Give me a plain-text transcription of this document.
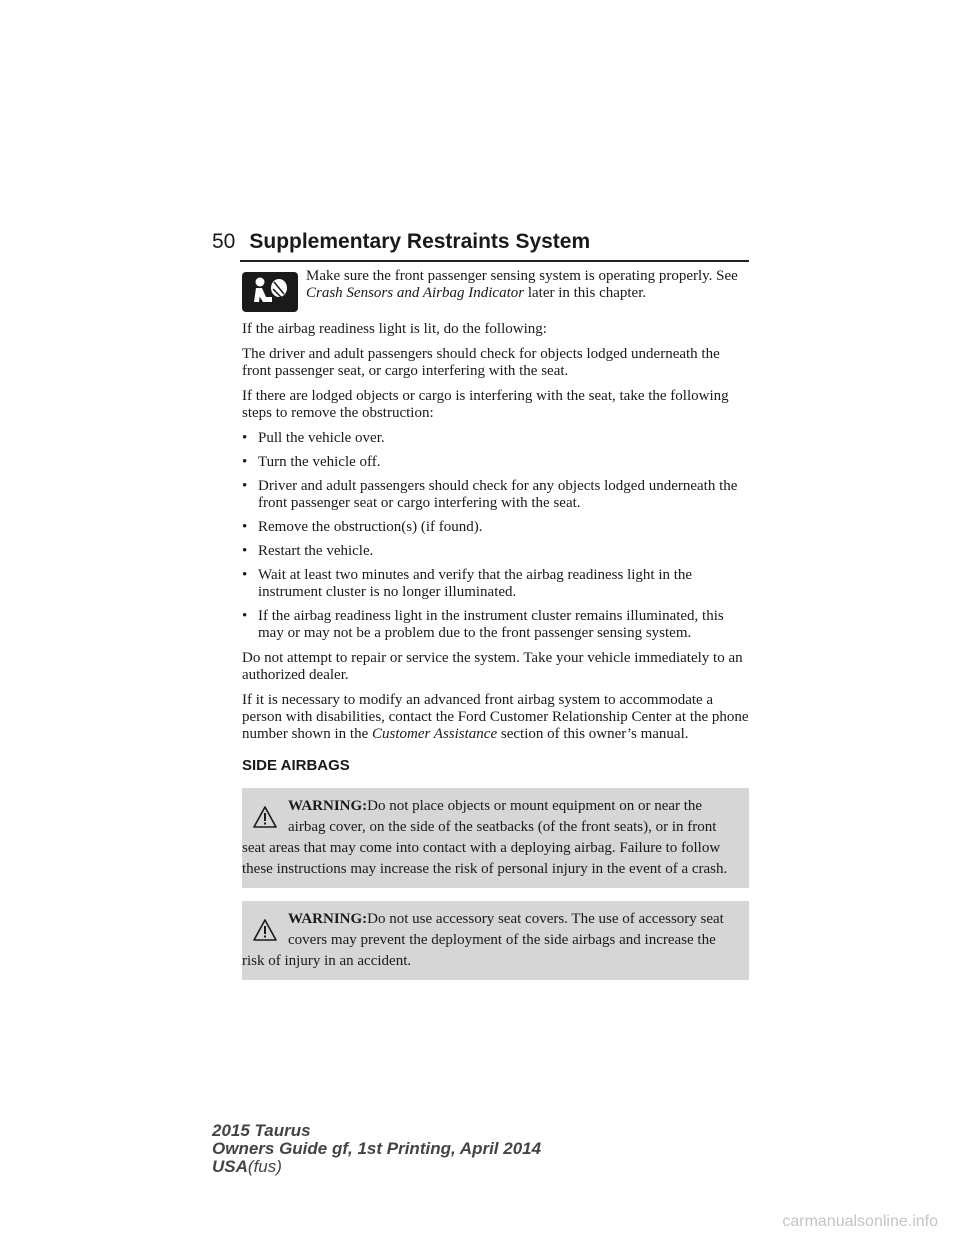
50 Supplementary Restraints System
Make sure the front passenger sensing system is operating properly. See Crash Sensors and Airbag Indicator later in this chapter.

If the airbag readiness light is lit, do the following:

The driver and adult passengers should check for objects lodged underneath the front passenger seat, or cargo interfering with the seat.

If there are lodged objects or cargo is interfering with the seat, take the following steps to remove the obstruction:

• Pull the vehicle over.
• Turn the vehicle off.
• Driver and adult passengers should check for any objects lodged underneath the front passenger seat or cargo interfering with the seat.
• Remove the obstruction(s) (if found).
• Restart the vehicle.
• Wait at least two minutes and verify that the airbag readiness light in the instrument cluster is no longer illuminated.
• If the airbag readiness light in the instrument cluster remains illuminated, this may or may not be a problem due to the front passenger sensing system.

Do not attempt to repair or service the system. Take your vehicle immediately to an authorized dealer.

If it is necessary to modify an advanced front airbag system to accommodate a person with disabilities, contact the Ford Customer Relationship Center at the phone number shown in the Customer Assistance section of this owner’s manual.

SIDE AIRBAGS
WARNING:Do not place objects or mount equipment on or near the airbag cover, on the side of the seatbacks (of the front seats), or in front seat areas that may come into contact with a deploying airbag. Failure to follow these instructions may increase the risk of personal injury in the event of a crash.
WARNING:Do not use accessory seat covers. The use of accessory seat covers may prevent the deployment of the side airbags and increase the risk of injury in an accident.
2015 Taurus
Owners Guide gf, 1st Printing, April 2014
USA(fus)
carmanualsonline.info
